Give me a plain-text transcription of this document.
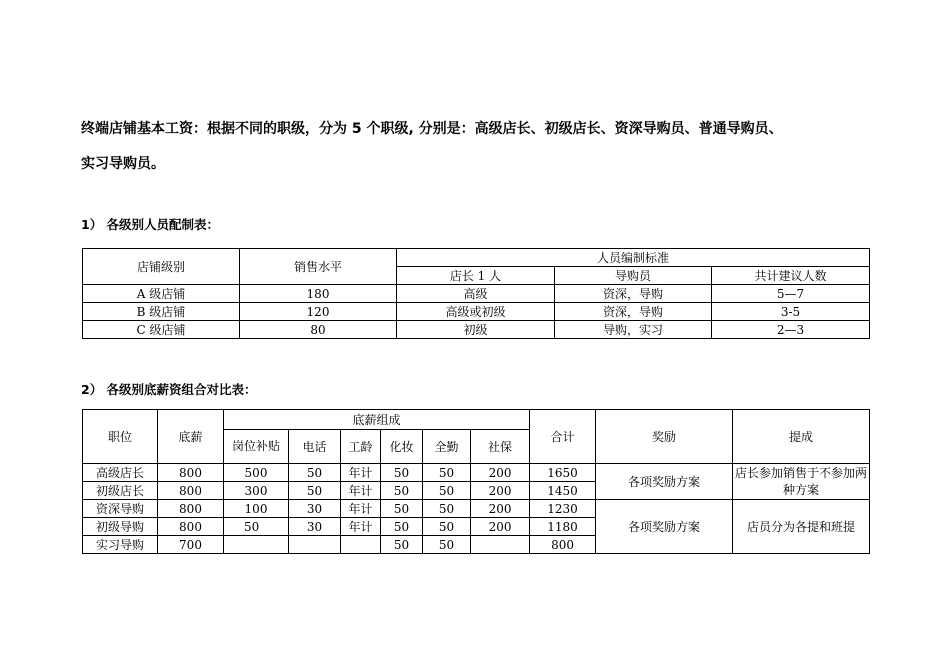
终端店铺基本工资：根据不同的职级，分为 5 个职级, 分别是：高级店长、初级店长、资深导购员、普通导购员、
实习导购员。
1） 各级别人员配制表：
店铺级别	销售水平	人员编制标准		
		店长 1 人	导购员	共计建议人数
A 级店铺	180	高级	资深，导购	5—7
B 级店铺	120	高级或初级	资深，导购	3-5
C 级店铺	80	初级	导购，实习	2—3
2） 各级别底薪资组合对比表：
职位	底薪	底薪组成						合计	奖励	提成
		岗位补贴	电话	工龄	化妆	全勤	社保			
高级店长	800	500	50	年计	50	50	200	1650	各项奖励方案	店长参加销售于不参加两种方案
初级店长	800	300	50	年计	50	50	200	1450		
资深导购	800	100	30	年计	50	50	200	1230	各项奖励方案	店员分为各提和班提
初级导购	800	50	30	年计	50	50	200	1180		
实习导购	700				50	50		800		
